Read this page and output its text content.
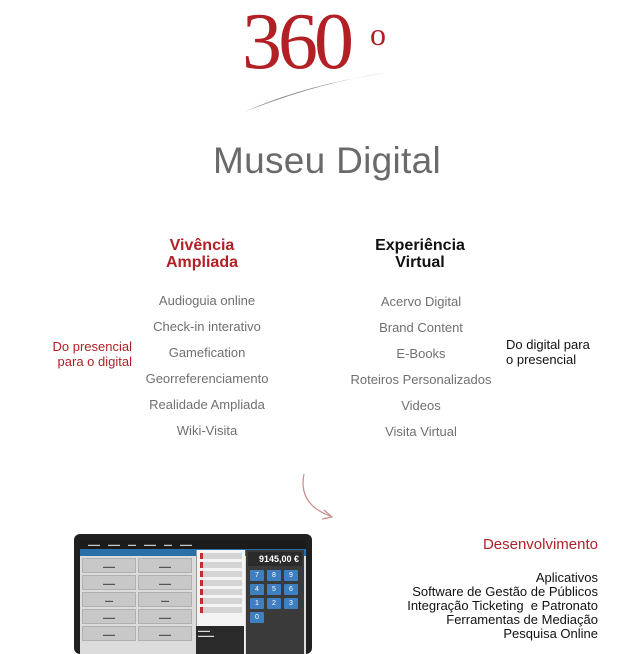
360 o
Museu Digital
Vivência
Ampliada
Experiência
Virtual
Audioguia online
Check-in interativo
Gamefication
Georreferenciamento
Realidade Ampliada
Wiki-Visita
Acervo Digital
Brand Content
E-Books
Roteiros Personalizados
Videos
Visita Virtual
Do presencial
para o digital
Do digital para
o presencial
▬▬▬ ▬▬▬ ▬▬ ▬▬▬ ▬▬ ▬▬▬
▬▬▬	▬▬▬
▬▬▬	▬▬▬
▬▬	▬▬
▬▬▬	▬▬▬
▬▬▬	▬▬▬
▬▬▬
▬▬▬▬
9145,00 €
7	8	9
4	5	6
1	2	3
0
Desenvolvimento
Aplicativos
Software de Gestão de Públicos
Integração Ticketing  e Patronato
Ferramentas de Mediação
Pesquisa Online
